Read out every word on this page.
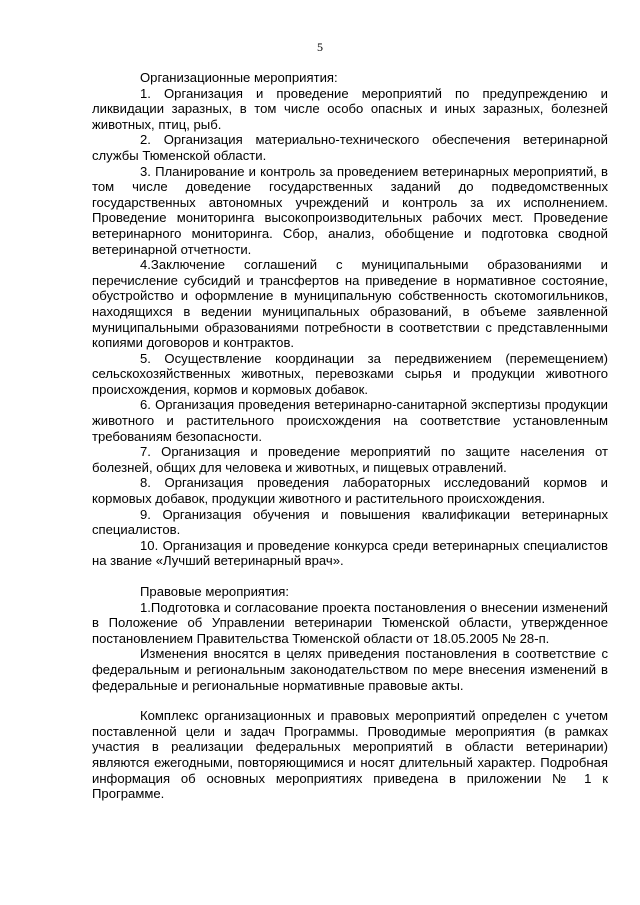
5

Организационные мероприятия:

1. Организация и проведение мероприятий по предупреждению и ликвидации заразных, в том числе особо опасных и иных заразных, болезней животных, птиц, рыб.

2. Организация материально-технического обеспечения ветеринарной службы Тюменской области.

3. Планирование и контроль за проведением ветеринарных мероприятий, в том числе доведение государственных заданий до подведомственных государственных автономных учреждений и контроль за их исполнением. Проведение мониторинга высокопроизводительных рабочих мест. Проведение ветеринарного мониторинга. Сбор, анализ, обобщение и подготовка сводной ветеринарной отчетности.

4.Заключение соглашений с муниципальными образованиями и перечисление субсидий и трансфертов на приведение в нормативное состояние, обустройство и оформление в муниципальную собственность скотомогильников, находящихся в ведении муниципальных образований, в объеме заявленной муниципальными образованиями потребности в соответствии с представленными копиями договоров и контрактов.

5. Осуществление координации за передвижением (перемещением) сельскохозяйственных животных, перевозками сырья и продукции животного происхождения, кормов и кормовых добавок.

6. Организация проведения ветеринарно-санитарной экспертизы продукции животного и растительного происхождения на соответствие установленным требованиям безопасности.

7. Организация и проведение мероприятий по защите населения от болезней, общих для человека и животных, и пищевых отравлений.

8. Организация проведения лабораторных исследований кормов и кормовых добавок, продукции животного и растительного происхождения.

9. Организация обучения и повышения квалификации ветеринарных специалистов.

10. Организация и проведение конкурса среди ветеринарных специалистов на звание «Лучший ветеринарный врач».

Правовые мероприятия:

1.Подготовка и согласование проекта постановления о внесении изменений в Положение об Управлении ветеринарии Тюменской области, утвержденное постановлением Правительства Тюменской области от 18.05.2005 № 28-п.

Изменения вносятся в целях приведения постановления в соответствие с федеральным и региональным законодательством по мере внесения изменений в федеральные и региональные нормативные правовые акты.

Комплекс организационных и правовых мероприятий определен с учетом поставленной цели и задач Программы. Проводимые мероприятия (в рамках участия в реализации федеральных мероприятий в области ветеринарии) являются ежегодными, повторяющимися и носят длительный характер. Подробная информация об основных мероприятиях приведена в приложении № 1 к Программе.
